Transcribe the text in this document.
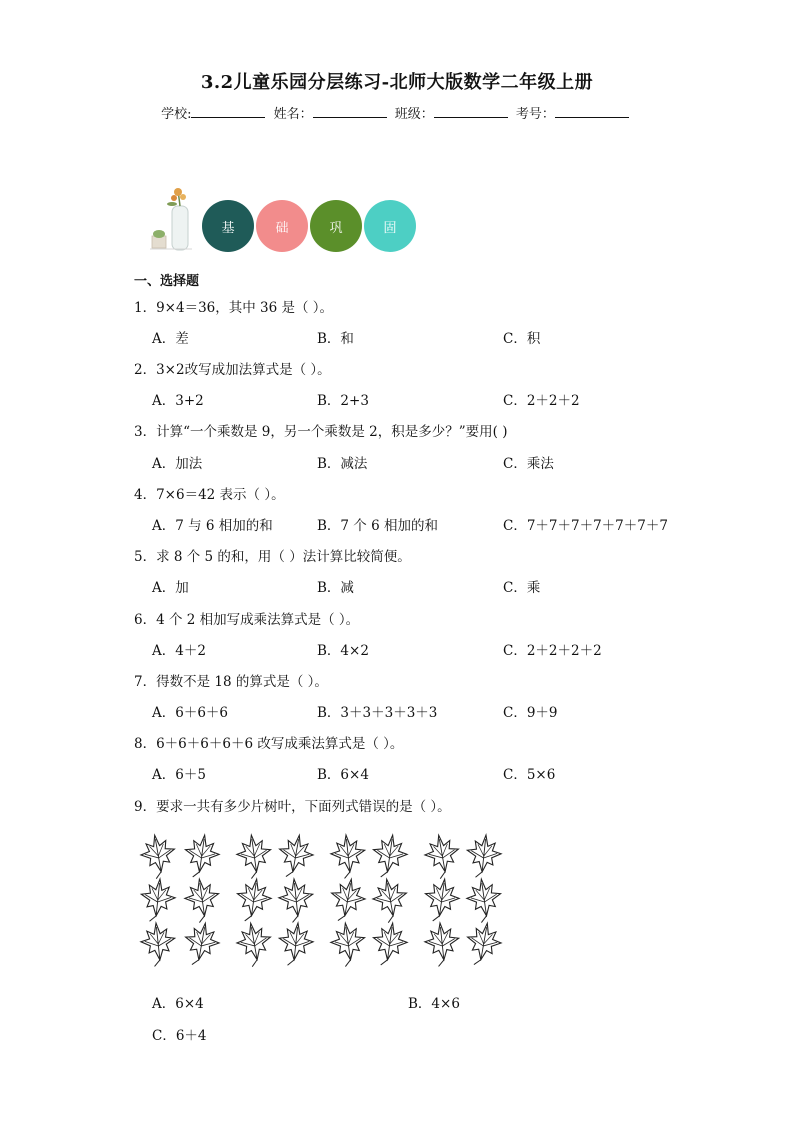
3.2儿童乐园分层练习-北师大版数学二年级上册
学校:	姓名：	班级：	考号：
基	础	巩	固
一、选择题
1．9×4＝36，其中 36 是（ ）。
A．差	B．和	C．积
2．3×2改写成加法算式是（ ）。
A．3+2	B．2+3	C．2＋2＋2
3．计算“一个乘数是 9，另一个乘数是 2，积是多少？”要用( )
A．加法	B．减法	C．乘法
4．7×6＝42 表示（ ）。
A．7 与 6 相加的和	B．7 个 6 相加的和	C．7＋7＋7＋7＋7＋7＋7
5．求 8 个 5 的和，用（ ）法计算比较简便。
A．加	B．减	C．乘
6．4 个 2 相加写成乘法算式是（ ）。
A．4＋2	B．4×2	C．2＋2＋2＋2
7．得数不是 18 的算式是（ ）。
A．6＋6＋6	B．3＋3＋3＋3＋3	C．9＋9
8．6＋6＋6＋6＋6 改写成乘法算式是（ ）。
A．6＋5	B．6×4	C．5×6
9．要求一共有多少片树叶，下面列式错误的是（ ）。
A．6×4	B．4×6
C．6＋4
